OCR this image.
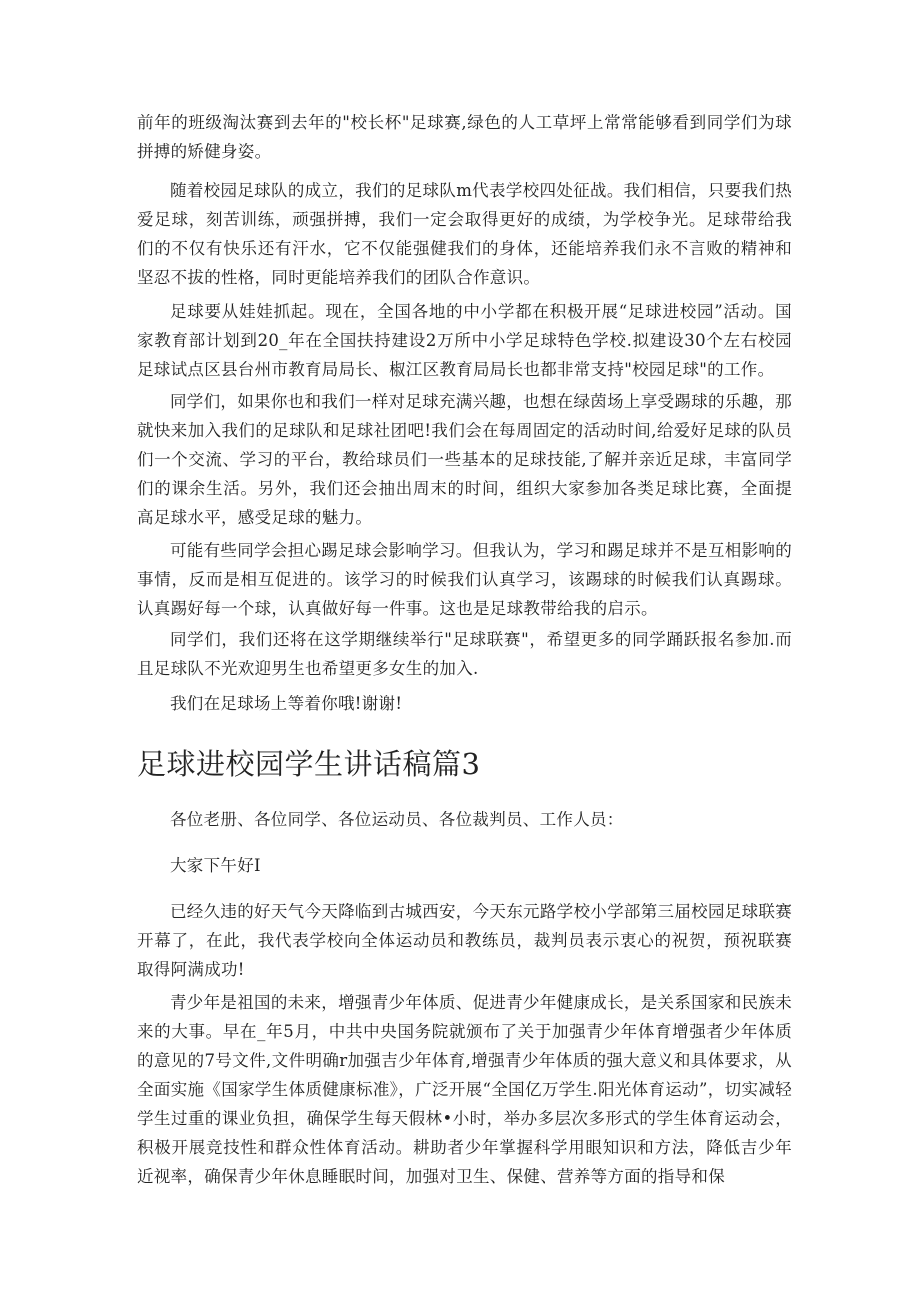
前年的班级淘汰赛到去年的"校长杯"足球赛,绿色的人工草坪上常常能够看到同学们为球拼搏的矫健身姿。

随着校园足球队的成立，我们的足球队m代表学校四处征战。我们相信，只要我们热爱足球，刻苦训练，顽强拼搏，我们一定会取得更好的成绩，为学校争光。足球带给我们的不仅有快乐还有汗水，它不仅能强健我们的身体，还能培养我们永不言败的精神和坚忍不拔的性格，同时更能培养我们的团队合作意识。

足球要从娃娃抓起。现在，全国各地的中小学都在积极开展“足球进校园”活动。国家教育部计划到20_年在全国扶持建设2万所中小学足球特色学校.拟建设30个左右校园足球试点区县台州市教育局局长、椒江区教育局局长也都非常支持"校园足球"的工作。

同学们，如果你也和我们一样对足球充满兴趣，也想在绿茵场上享受踢球的乐趣，那就快来加入我们的足球队和足球社团吧!我们会在每周固定的活动时间,给爱好足球的队员们一个交流、学习的平台，教给球员们一些基本的足球技能,了解并亲近足球，丰富同学们的课余生活。另外，我们还会抽出周末的时间，组织大家参加各类足球比赛，全面提高足球水平，感受足球的魅力。

可能有些同学会担心踢足球会影响学习。但我认为，学习和踢足球并不是互相影响的事情，反而是相互促进的。该学习的时候我们认真学习，该踢球的时候我们认真踢球。认真踢好每一个球，认真做好每一件事。这也是足球教带给我的启示。

同学们，我们还将在这学期继续举行"足球联赛"，希望更多的同学踊跃报名参加.而且足球队不光欢迎男生也希望更多女生的加入.

我们在足球场上等着你哦!谢谢!

足球进校园学生讲话稿篇3

各位老册、各位同学、各位运动员、各位裁判员、工作人员：

大家下午好I

已经久违的好天气今天降临到古城西安，今天东元路学校小学部第三届校园足球联赛开幕了，在此，我代表学校向全体运动员和教练员，裁判员表示衷心的祝贺，预祝联赛取得阿满成功!

青少年是祖国的未来，增强青少年体质、促进青少年健康成长，是关系国家和民族未来的大事。早在_年5月，中共中央国务院就颁布了关于加强青少年体育增强者少年体质的意见的7号文件,文件明确r加强吉少年体育,增强青少年体质的强大意义和具体要求，从全面实施《国家学生体质健康标准》，广泛开展“全国亿万学生.阳光体育运动”，切实减轻学生过重的课业负担，确保学生每天假林•小时，举办多层次多形式的学生体育运动会，积极开展竞技性和群众性体育活动。耕助者少年掌握科学用眼知识和方法，降低吉少年近视率，确保青少年休息睡眠时间，加强对卫生、保健、营养等方面的指导和保
